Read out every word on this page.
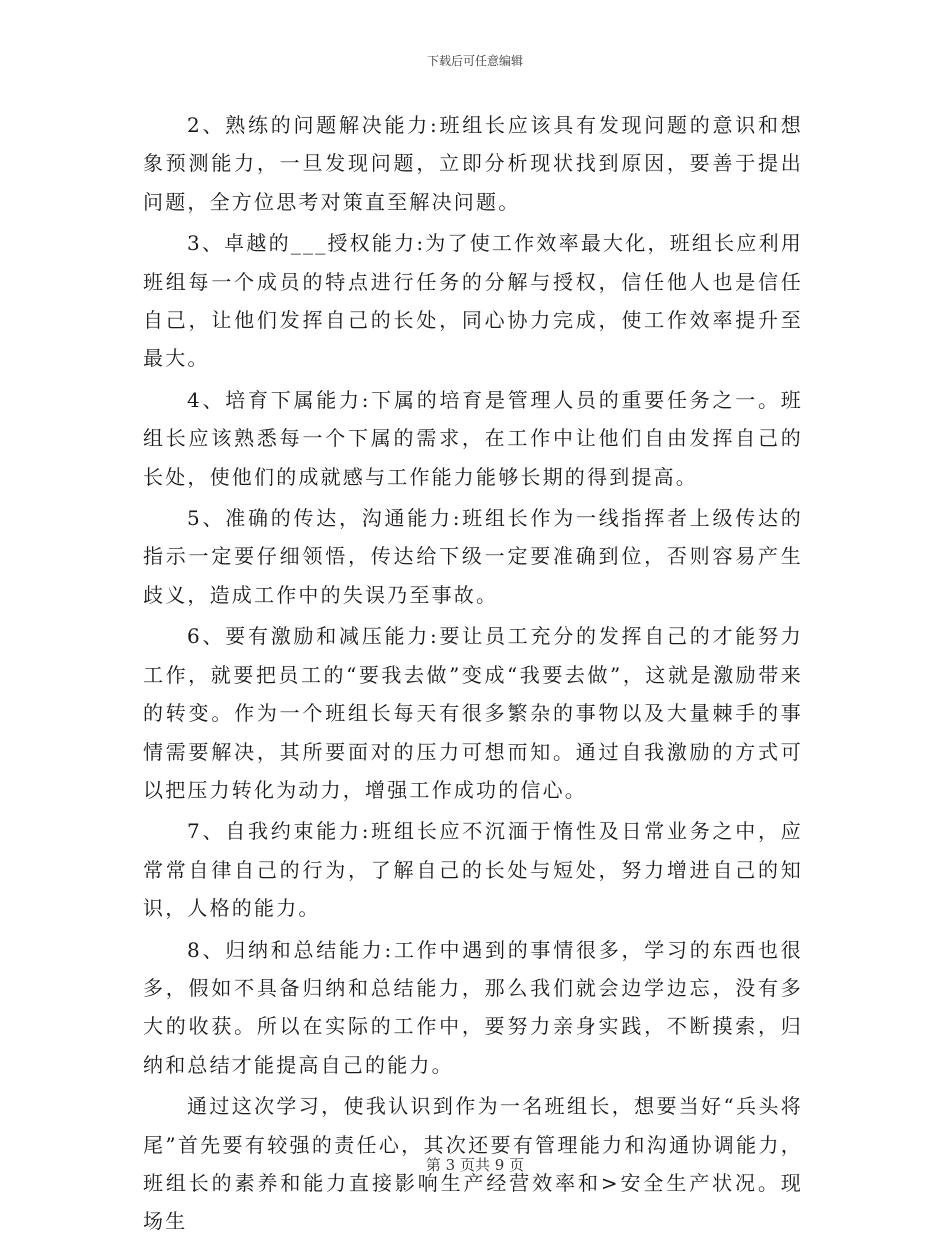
下载后可任意编辑

2、熟练的问题解决能力:班组长应该具有发现问题的意识和想象预测能力，一旦发现问题，立即分析现状找到原因，要善于提出问题，全方位思考对策直至解决问题。

3、卓越的___授权能力:为了使工作效率最大化，班组长应利用班组每一个成员的特点进行任务的分解与授权，信任他人也是信任自己，让他们发挥自己的长处，同心协力完成，使工作效率提升至最大。

4、培育下属能力:下属的培育是管理人员的重要任务之一。班组长应该熟悉每一个下属的需求，在工作中让他们自由发挥自己的长处，使他们的成就感与工作能力能够长期的得到提高。

5、准确的传达，沟通能力:班组长作为一线指挥者上级传达的指示一定要仔细领悟，传达给下级一定要准确到位，否则容易产生歧义，造成工作中的失误乃至事故。

6、要有激励和减压能力:要让员工充分的发挥自己的才能努力工作，就要把员工的“要我去做”变成“我要去做”，这就是激励带来的转变。作为一个班组长每天有很多繁杂的事物以及大量棘手的事情需要解决，其所要面对的压力可想而知。通过自我激励的方式可以把压力转化为动力，增强工作成功的信心。

7、自我约束能力:班组长应不沉湎于惰性及日常业务之中，应常常自律自己的行为，了解自己的长处与短处，努力增进自己的知识，人格的能力。

8、归纳和总结能力:工作中遇到的事情很多，学习的东西也很多，假如不具备归纳和总结能力，那么我们就会边学边忘，没有多大的收获。所以在实际的工作中，要努力亲身实践，不断摸索，归纳和总结才能提高自己的能力。

通过这次学习，使我认识到作为一名班组长，想要当好“兵头将尾”首先要有较强的责任心，其次还要有管理能力和沟通协调能力，班组长的素养和能力直接影响生产经营效率和>安全生产状况。现场生

第 3 页共 9 页
